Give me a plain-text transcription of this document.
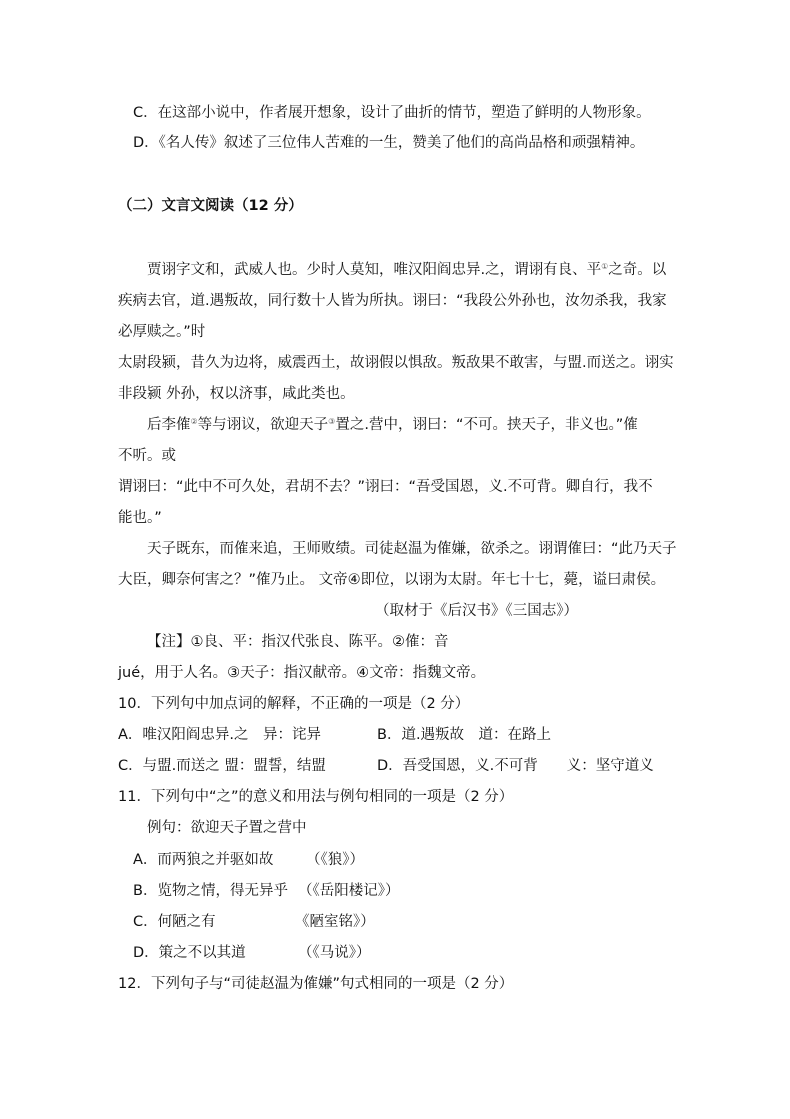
C．在这部小说中，作者展开想象，设计了曲折的情节，塑造了鲜明的人物形象。
D．《名人传》叙述了三位伟人苦难的一生，赞美了他们的高尚品格和顽强精神。
（二）文言文阅读（12 分）
贾诩字文和，武威人也。少时人莫知，唯汉阳阎忠异.之，谓诩有良、平①之奇。以
疾病去官，道.遇叛故，同行数十人皆为所执。诩曰：“我段公外孙也，汝勿杀我，我家
必厚赎之。”时
太尉段颍，昔久为边将，威震西土，故诩假以惧敌。叛敌果不敢害，与盟.而送之。诩实
非段颍 外孙，权以济事，咸此类也。
后李傕②等与诩议，欲迎天子③置之.营中，诩曰：“不可。挟天子，非义也。”傕
不听。或
谓诩曰：“此中不可久处，君胡不去？”诩曰：“吾受国恩，义.不可背。卿自行，我不
能也。”
天子既东，而傕来追，王师败绩。司徒赵温为傕嫌，欲杀之。诩谓傕曰：“此乃天子
大臣，卿奈何害之？”傕乃止。 文帝④即位，以诩为太尉。年七十七，薨，谥曰肃侯。
（取材于《后汉书》《三国志》）
【注】①良、平：指汉代张良、陈平。②傕：音
jué，用于人名。③天子：指汉献帝。④文帝：指魏文帝。
10．下列句中加点词的解释，不正确的一项是（2 分）
A．唯汉阳阎忠异.之　异：诧异	B．道.遇叛故　道：在路上
C．与盟.而送之 盟：盟誓，结盟	D．吾受国恩，义.不可背　　义：坚守道义
11．下列句中“之”的意义和用法与例句相同的一项是（2 分）
例句：欲迎天子置之营中
A．而两狼之并驱如故 （《狼》）
B．览物之情，得无异乎 （《岳阳楼记》）
C．何陋之有	《陋室铭》）
D．策之不以其道	（《马说》）
12．下列句子与“司徒赵温为傕嫌”句式相同的一项是（2 分）
